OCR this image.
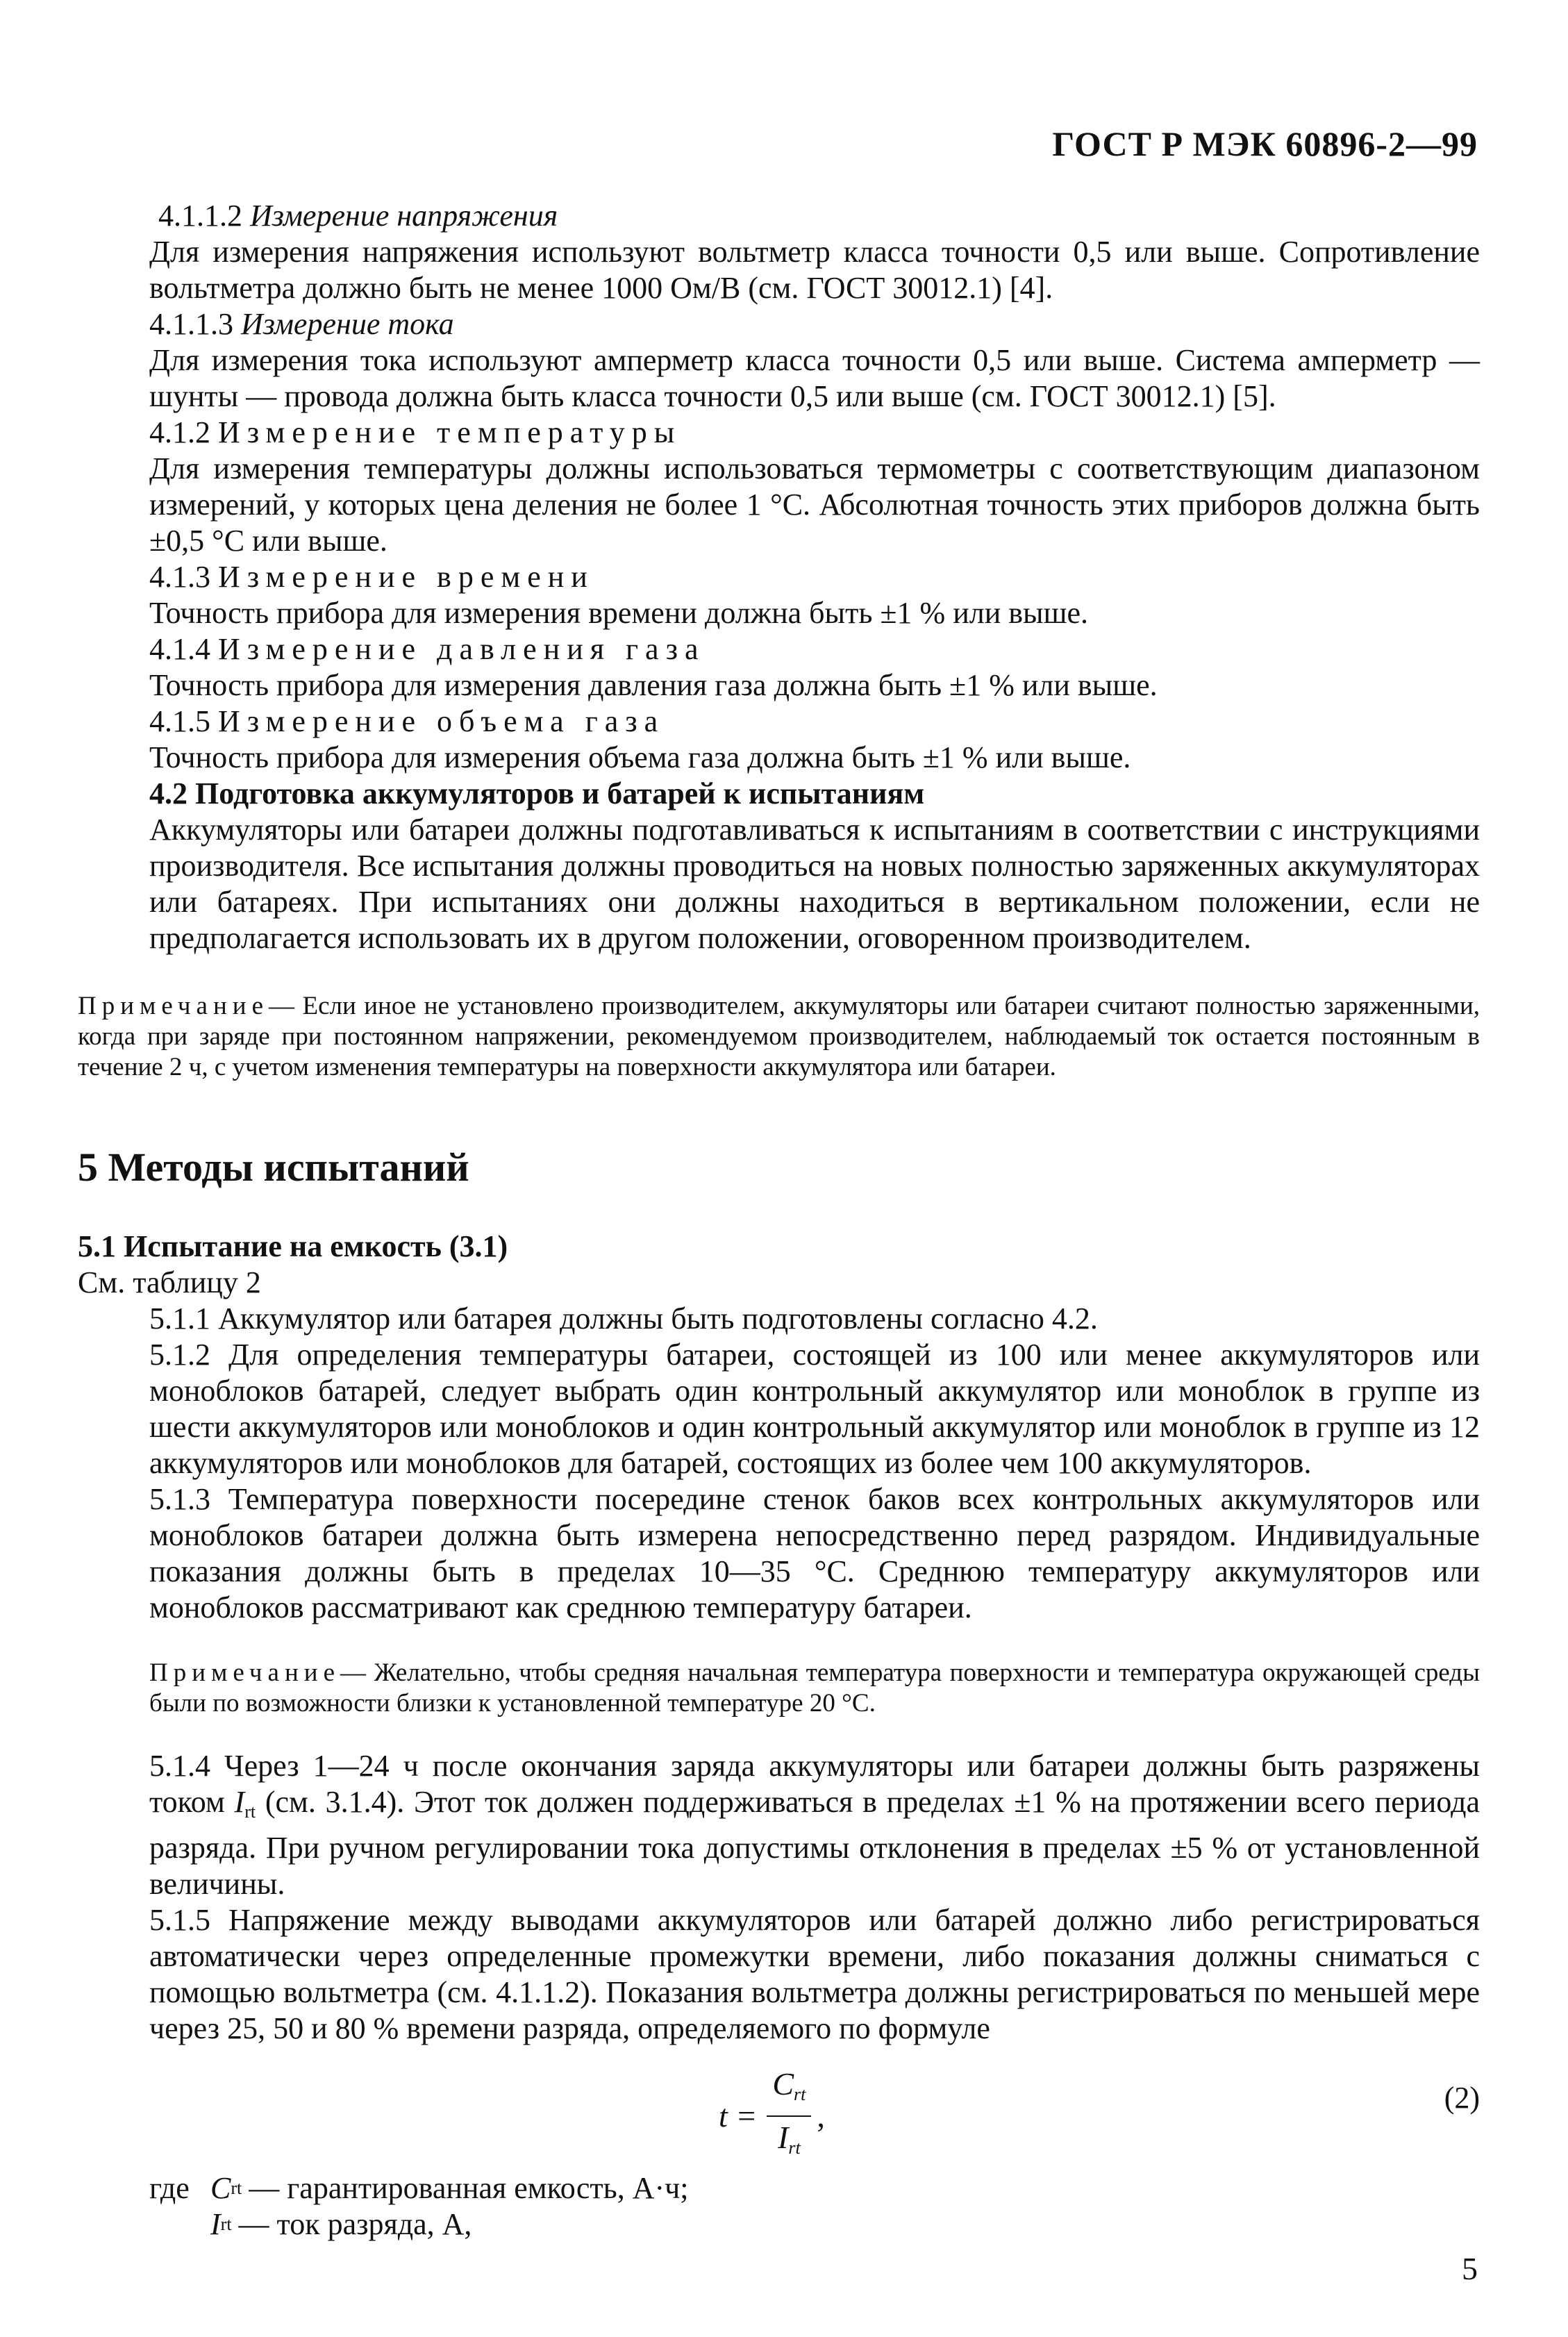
ГОСТ Р МЭК 60896-2—99

4.1.1.2 Измерение напряжения

Для измерения напряжения используют вольтметр класса точности 0,5 или выше. Сопротивление вольтметра должно быть не менее 1000 Ом/В (см. ГОСТ 30012.1) [4].

4.1.1.3 Измерение тока

Для измерения тока используют амперметр класса точности 0,5 или выше. Система амперметр — шунты — провода должна быть класса точности 0,5 или выше (см. ГОСТ 30012.1) [5].

4.1.2 Измерение температуры

Для измерения температуры должны использоваться термометры с соответствующим диапазоном измерений, у которых цена деления не более 1 °С. Абсолютная точность этих приборов должна быть ±0,5 °С или выше.

4.1.3 Измерение времени

Точность прибора для измерения времени должна быть ±1 % или выше.

4.1.4 Измерение давления газа

Точность прибора для измерения давления газа должна быть ±1 % или выше.

4.1.5 Измерение объема газа

Точность прибора для измерения объема газа должна быть ±1 % или выше.

4.2 Подготовка аккумуляторов и батарей к испытаниям

Аккумуляторы или батареи должны подготавливаться к испытаниям в соответствии с инструкциями производителя. Все испытания должны проводиться на новых полностью заряженных аккумуляторах или батареях. При испытаниях они должны находиться в вертикальном положении, если не предполагается использовать их в другом положении, оговоренном производителем.

Примечание— Если иное не установлено производителем, аккумуляторы или батареи считают полностью заряженными, когда при заряде при постоянном напряжении, рекомендуемом производителем, наблюдаемый ток остается постоянным в течение 2 ч, с учетом изменения температуры на поверхности аккумулятора или батареи.

5 Методы испытаний

5.1 Испытание на емкость (3.1)

См. таблицу 2

5.1.1 Аккумулятор или батарея должны быть подготовлены согласно 4.2.

5.1.2 Для определения температуры батареи, состоящей из 100 или менее аккумуляторов или моноблоков батарей, следует выбрать один контрольный аккумулятор или моноблок в группе из шести аккумуляторов или моноблоков и один контрольный аккумулятор или моноблок в группе из 12 аккумуляторов или моноблоков для батарей, состоящих из более чем 100 аккумуляторов.

5.1.3 Температура поверхности посередине стенок баков всех контрольных аккумуляторов или моноблоков батареи должна быть измерена непосредственно перед разрядом. Индивидуальные показания должны быть в пределах 10—35 °С. Среднюю температуру аккумуляторов или моноблоков рассматривают как среднюю температуру батареи.

Примечание— Желательно, чтобы средняя начальная температура поверхности и температура окружающей среды были по возможности близки к установленной температуре 20 °С.

5.1.4 Через 1—24 ч после окончания заряда аккумуляторы или батареи должны быть разряжены током $I_{rt}$ (см. 3.1.4). Этот ток должен поддерживаться в пределах ±1 % на протяжении всего периода разряда. При ручном регулировании тока допустимы отклонения в пределах ±5 % от установленной величины.

5.1.5 Напряжение между выводами аккумуляторов или батарей должно либо регистрироваться автоматически через определенные промежутки времени, либо показания должны сниматься с помощью вольтметра (см. 4.1.1.2). Показания вольтметра должны регистрироваться по меньшей мере через 25, 50 и 80 % времени разряда, определяемого по формуле

$t = \frac{C_{rt}}{I_{rt}}$ ,
(2)
где C rt — гарантированная емкость, А·ч;
I rt — ток разряда, А,
5
